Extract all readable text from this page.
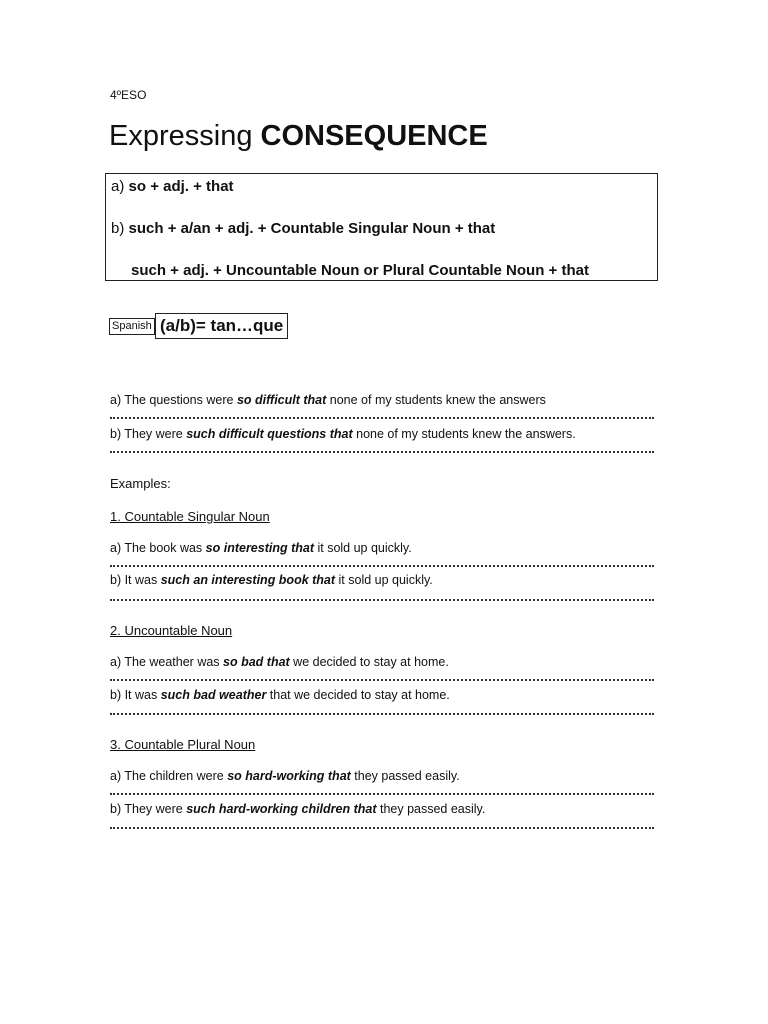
4ºESO
Expressing CONSEQUENCE
a) so + adj. + that
b) such + a/an + adj. + Countable Singular Noun + that
such + adj. + Uncountable Noun or Plural Countable Noun + that
Spanish (a/b)= tan…que
a) The questions were so difficult that none of my students knew the answers
b) They were such difficult questions that none of my students knew the answers.
Examples:
1. Countable Singular Noun
a) The book was so interesting that it sold up quickly.
b) It was such an interesting book that it sold up quickly.
2. Uncountable Noun
a) The weather was so bad that we decided to stay at home.
b) It was such bad weather that we decided to stay at home.
3. Countable Plural Noun
a) The children were so hard-working that they passed easily.
b) They were such hard-working children that they passed easily.
